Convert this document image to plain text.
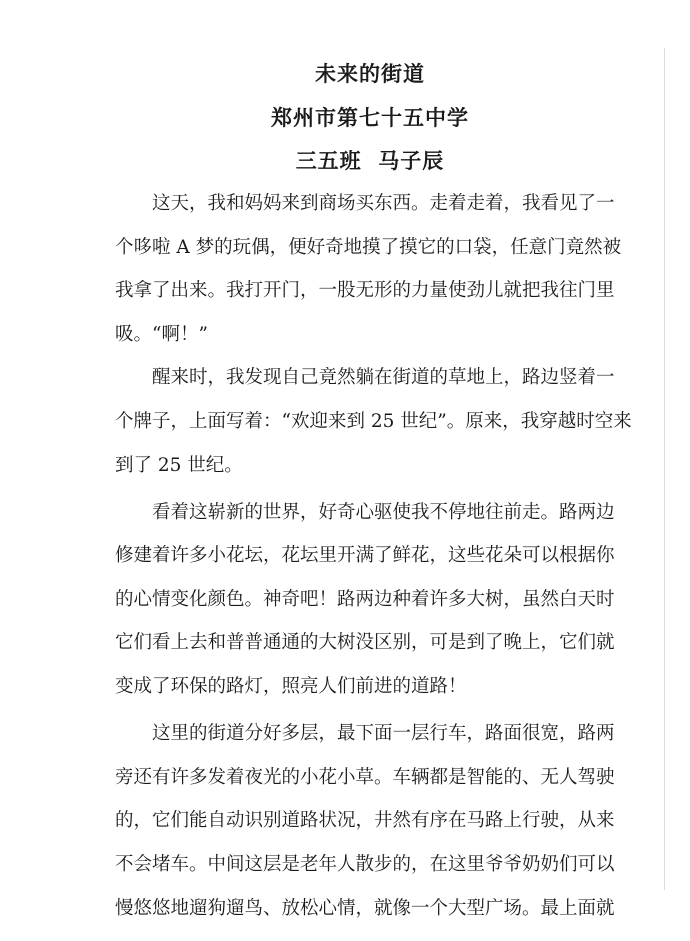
未来的街道
郑州市第七十五中学
三五班  马子辰
这天，我和妈妈来到商场买东西。走着走着，我看见了一
个哆啦 A 梦的玩偶，便好奇地摸了摸它的口袋，任意门竟然被
我拿了出来。我打开门，一股无形的力量使劲儿就把我往门里
吸。“啊！”
醒来时，我发现自己竟然躺在街道的草地上，路边竖着一
个牌子，上面写着：“欢迎来到 25 世纪”。原来，我穿越时空来
到了 25 世纪。
看着这崭新的世界，好奇心驱使我不停地往前走。路两边
修建着许多小花坛，花坛里开满了鲜花，这些花朵可以根据你
的心情变化颜色。神奇吧！路两边种着许多大树，虽然白天时
它们看上去和普普通通的大树没区别，可是到了晚上，它们就
变成了环保的路灯，照亮人们前进的道路！
这里的街道分好多层，最下面一层行车，路面很宽，路两
旁还有许多发着夜光的小花小草。车辆都是智能的、无人驾驶
的，它们能自动识别道路状况，井然有序在马路上行驶，从来
不会堵车。中间这层是老年人散步的，在这里爷爷奶奶们可以
慢悠悠地遛狗遛鸟、放松心情，就像一个大型广场。最上面就
